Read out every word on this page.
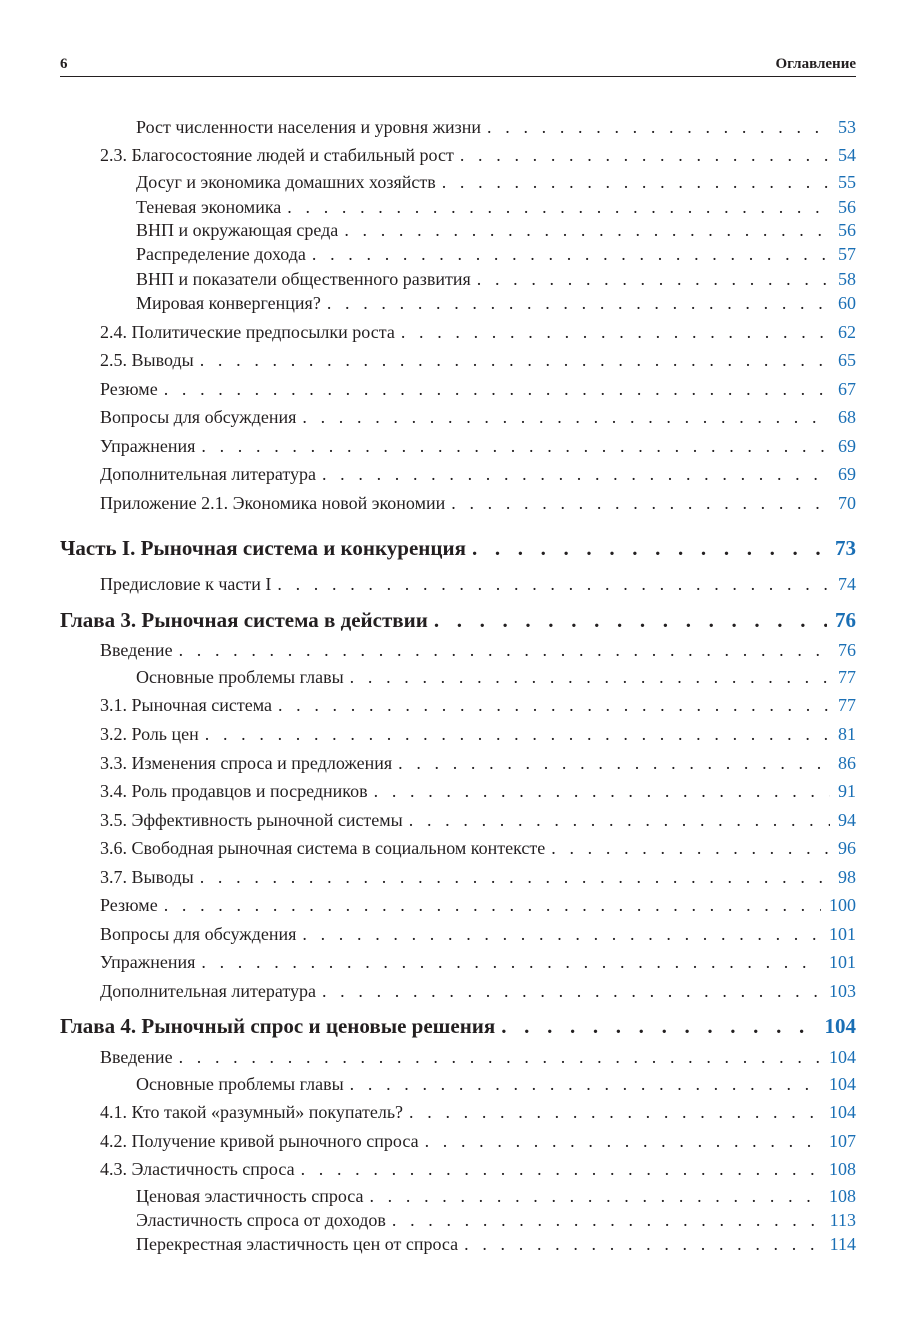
6	Оглавление
Рост численности населения и уровня жизни . . .	53
2.3. Благосостояние людей и стабильный рост . . .	54
Досуг и экономика домашних хозяйств . . .	55
Теневая экономика . . .	56
ВНП и окружающая среда . . .	56
Распределение дохода . . .	57
ВНП и показатели общественного развития . . .	58
Мировая конвергенция? . . .	60
2.4. Политические предпосылки роста . . .	62
2.5. Выводы . . .	65
Резюме . . .	67
Вопросы для обсуждения . . .	68
Упражнения . . .	69
Дополнительная литература . . .	69
Приложение 2.1. Экономика новой экономии . . .	70
Часть I. Рыночная система и конкуренция . . .	73
Предисловие к части I . . .	74
Глава 3. Рыночная система в действии . . .	76
Введение . . .	76
Основные проблемы главы . . .	77
3.1. Рыночная система . . .	77
3.2. Роль цен . . .	81
3.3. Изменения спроса и предложения . . .	86
3.4. Роль продавцов и посредников . . .	91
3.5. Эффективность рыночной системы . . .	94
3.6. Свободная рыночная система в социальном контексте . . .	96
3.7. Выводы . . .	98
Резюме . . .	100
Вопросы для обсуждения . . .	101
Упражнения . . .	101
Дополнительная литература . . .	103
Глава 4. Рыночный спрос и ценовые решения . . .	104
Введение . . .	104
Основные проблемы главы . . .	104
4.1. Кто такой «разумный» покупатель? . . .	104
4.2. Получение кривой рыночного спроса . . .	107
4.3. Эластичность спроса . . .	108
Ценовая эластичность спроса . . .	108
Эластичность спроса от доходов . . .	113
Перекрестная эластичность цен от спроса . . .	114
